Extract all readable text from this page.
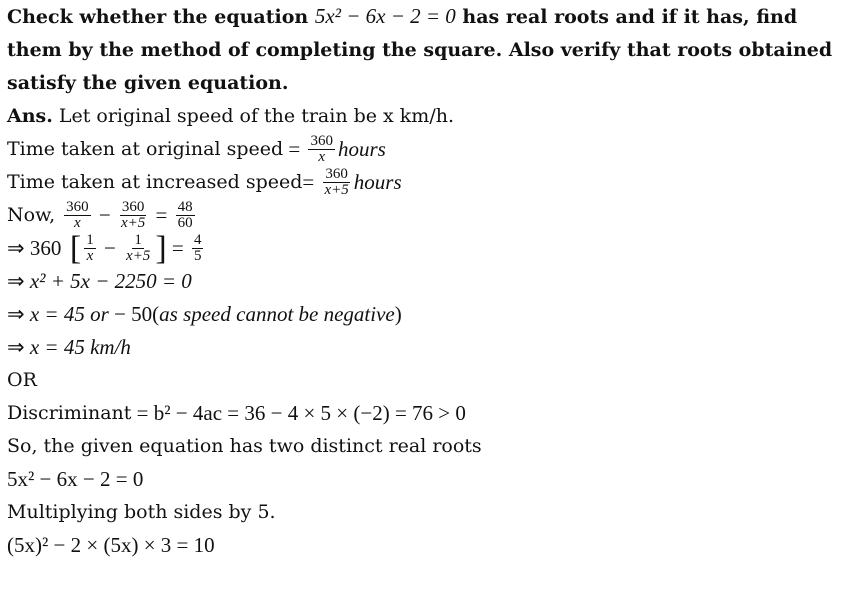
Check whether the equation 5x² − 6x − 2 = 0 has real roots and if it has, find them by the method of completing the square. Also verify that roots obtained satisfy the given equation.
Ans. Let original speed of the train be x km/h.
Time taken at original speed = $\frac{360}{x}$ hours
Time taken at increased speed = $\frac{360}{x+5}$ hours
Now, $\frac{360}{x} - \frac{360}{x+5} = \frac{48}{60}$
⇒ 360 [ $\frac{1}{x} - \frac{1}{x+5}$ ] = $\frac{4}{5}$
⇒ x² + 5x − 2250 = 0
⇒ x = 45
or
− 50( as speed cannot be negative )
⇒ x = 45
km/h
OR
Discriminant
= b² − 4ac = 36 − 4 × 5 × (−2) = 76 > 0
So, the given equation has two distinct real roots
5x² − 6x − 2 = 0
Multiplying both sides by 5.
(5x)² − 2 × (5x) × 3 = 10
